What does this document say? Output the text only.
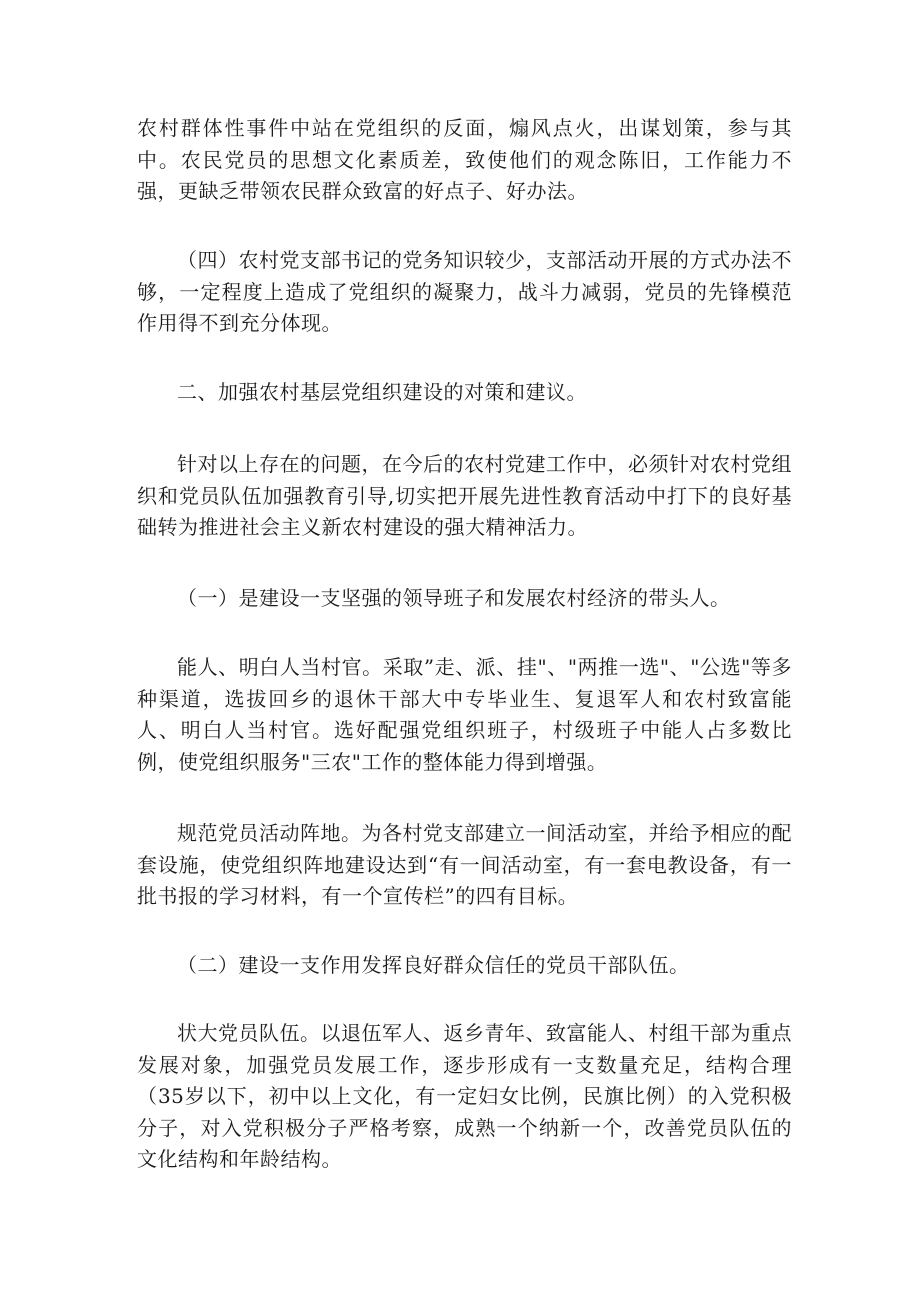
农村群体性事件中站在党组织的反面，煽风点火，出谋划策，参与其中。农民党员的思想文化素质差，致使他们的观念陈旧，工作能力不强，更缺乏带领农民群众致富的好点子、好办法。

（四）农村党支部书记的党务知识较少，支部活动开展的方式办法不够，一定程度上造成了党组织的凝聚力，战斗力减弱，党员的先锋模范作用得不到充分体现。

二、加强农村基层党组织建设的对策和建议。

针对以上存在的问题，在今后的农村党建工作中，必须针对农村党组织和党员队伍加强教育引导,切实把开展先进性教育活动中打下的良好基础转为推进社会主义新农村建设的强大精神活力。

（一）是建设一支坚强的领导班子和发展农村经济的带头人。

能人、明白人当村官。采取”走、派、挂"、"两推一选"、"公选"等多种渠道，选拔回乡的退休干部大中专毕业生、复退军人和农村致富能人、明白人当村官。选好配强党组织班子，村级班子中能人占多数比例，使党组织服务"三农"工作的整体能力得到增强。

规范党员活动阵地。为各村党支部建立一间活动室，并给予相应的配套设施，使党组织阵地建设达到“有一间活动室，有一套电教设备，有一批书报的学习材料，有一个宣传栏”的四有目标。

（二）建设一支作用发挥良好群众信任的党员干部队伍。

状大党员队伍。以退伍军人、返乡青年、致富能人、村组干部为重点发展对象，加强党员发展工作，逐步形成有一支数量充足，结构合理（35岁以下，初中以上文化，有一定妇女比例，民旗比例）的入党积极分子，对入党积极分子严格考察，成熟一个纳新一个，改善党员队伍的文化结构和年龄结构。
